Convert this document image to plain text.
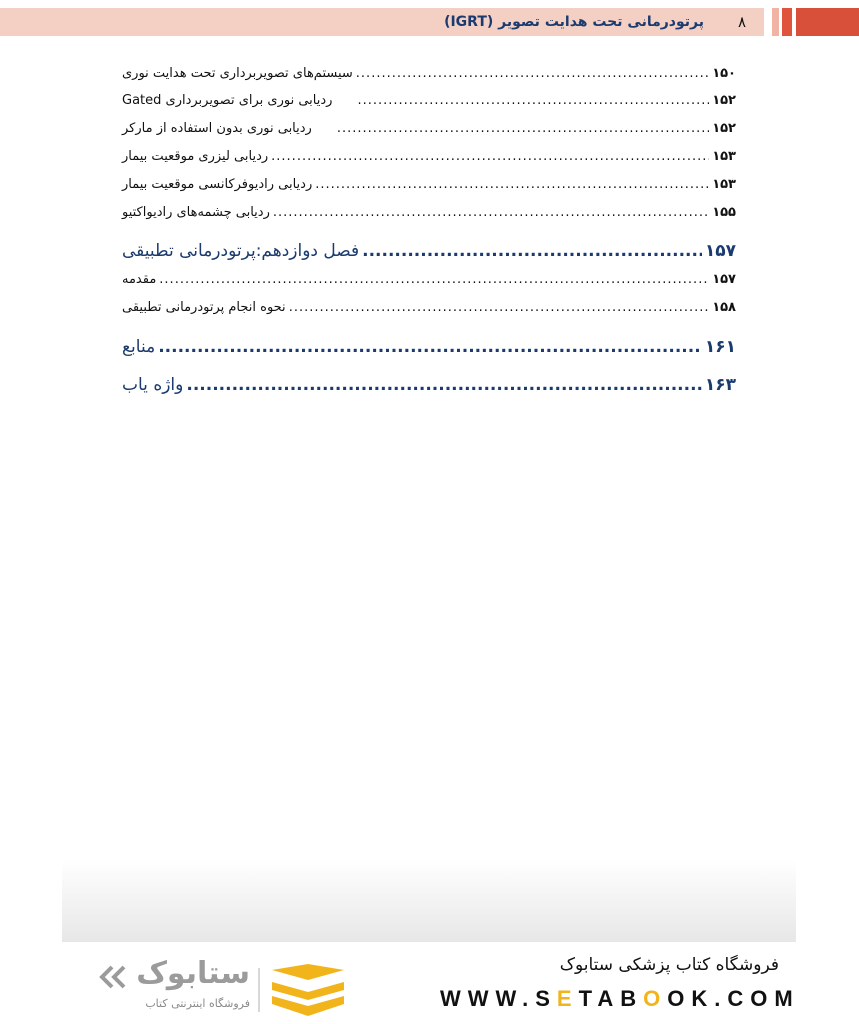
پرتودرمانی تحت هدایت تصویر (IGRT)	۸
سیستم‌های تصویربرداری تحت هدایت نوری .....	۱۵۰
ردیابی نوری برای تصویربرداری Gated .....	۱۵۲
ردیابی نوری بدون استفاده از مارکر .....	۱۵۲
ردیابی لیزری موقعیت بیمار .....	۱۵۳
ردیابی رادیوفرکانسی موقعیت بیمار .....	۱۵۳
ردیابی چشمه‌های رادیواکتیو .....	۱۵۵
فصل دوازدهم:پرتودرمانی تطبیقی .....	۱۵۷
مقدمه .....	۱۵۷
نحوه انجام پرتودرمانی تطبیقی .....	۱۵۸
منابع .....	۱۶۱
واژه یاب .....	۱۶۳
فروشگاه کتاب پزشکی ستابوک
WWW.SETABOOK.COM
ستابوک
فروشگاه اینترنتی کتاب
